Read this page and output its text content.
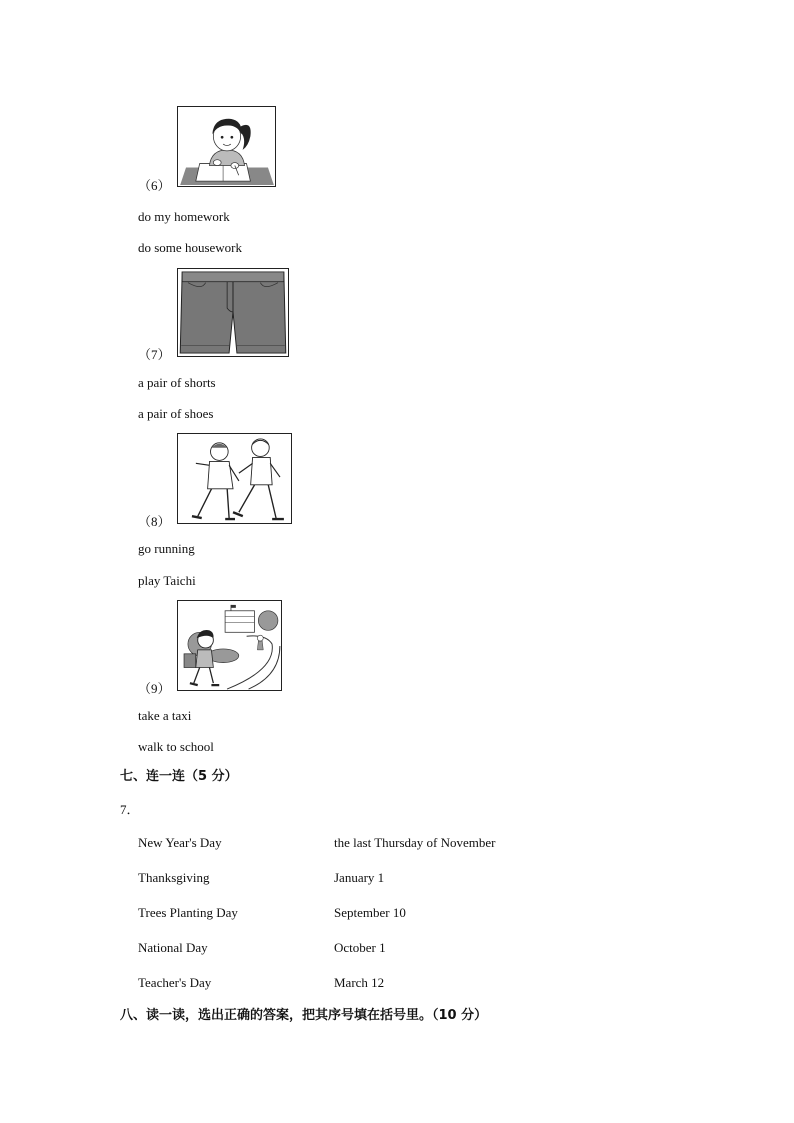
（6）
do my homework
do some housework
（7）
a pair of shorts
a pair of shoes
（8）
go running
play Taichi
（9）
take a taxi
walk to school
七、连一连（5 分）
7．
New Year's Day
Thanksgiving
Trees Planting Day
National Day
Teacher's Day
the last Thursday of November
January 1
September 10
October 1
March 12
八、读一读，选出正确的答案，把其序号填在括号里。（10 分）
